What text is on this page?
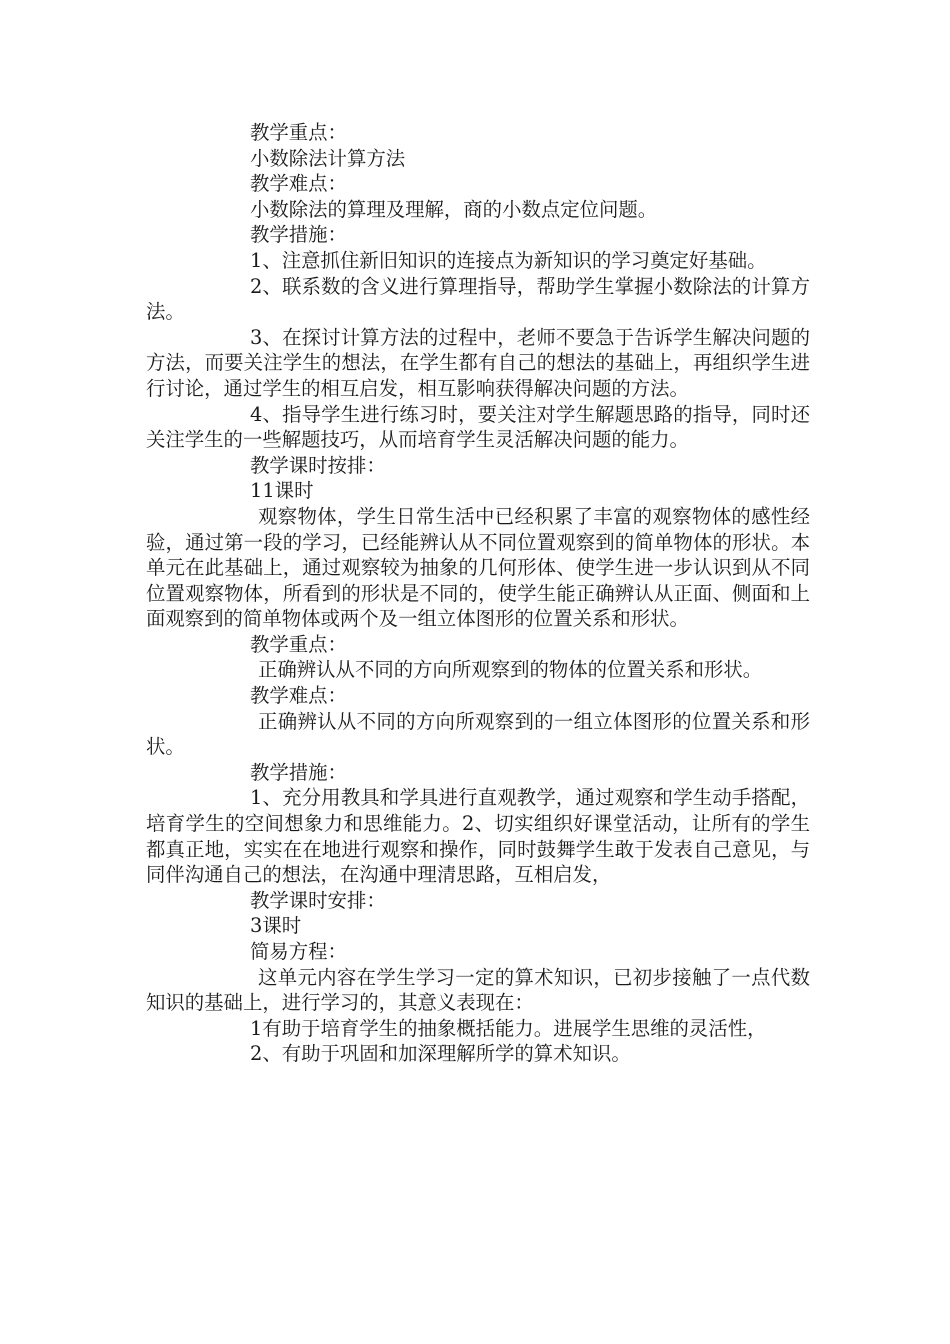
教学重点：

小数除法计算方法

教学难点：

小数除法的算理及理解，商的小数点定位问题。

教学措施：

1、注意抓住新旧知识的连接点为新知识的学习奠定好基础。

2、联系数的含义进行算理指导，帮助学生掌握小数除法的计算方法。

3、在探讨计算方法的过程中，老师不要急于告诉学生解决问题的方法，而要关注学生的想法，在学生都有自己的想法的基础上，再组织学生进行讨论，通过学生的相互启发，相互影响获得解决问题的方法。

4、指导学生进行练习时，要关注对学生解题思路的指导，同时还关注学生的一些解题技巧，从而培育学生灵活解决问题的能力。

教学课时按排：

11课时

观察物体，学生日常生活中已经积累了丰富的观察物体的感性经验，通过第一段的学习，已经能辨认从不同位置观察到的简单物体的形状。本单元在此基础上，通过观察较为抽象的几何形体、使学生进一步认识到从不同位置观察物体，所看到的形状是不同的，使学生能正确辨认从正面、侧面和上面观察到的简单物体或两个及一组立体图形的位置关系和形状。

教学重点：

正确辨认从不同的方向所观察到的物体的位置关系和形状。

教学难点：

正确辨认从不同的方向所观察到的一组立体图形的位置关系和形状。

教学措施：

1、充分用教具和学具进行直观教学，通过观察和学生动手搭配，培育学生的空间想象力和思维能力。2、切实组织好课堂活动，让所有的学生都真正地，实实在在地进行观察和操作，同时鼓舞学生敢于发表自己意见，与同伴沟通自己的想法，在沟通中理清思路，互相启发，

教学课时安排：

3课时

简易方程：

这单元内容在学生学习一定的算术知识，已初步接触了一点代数知识的基础上，进行学习的，其意义表现在：

1有助于培育学生的抽象概括能力。进展学生思维的灵活性，

2、有助于巩固和加深理解所学的算术知识。
